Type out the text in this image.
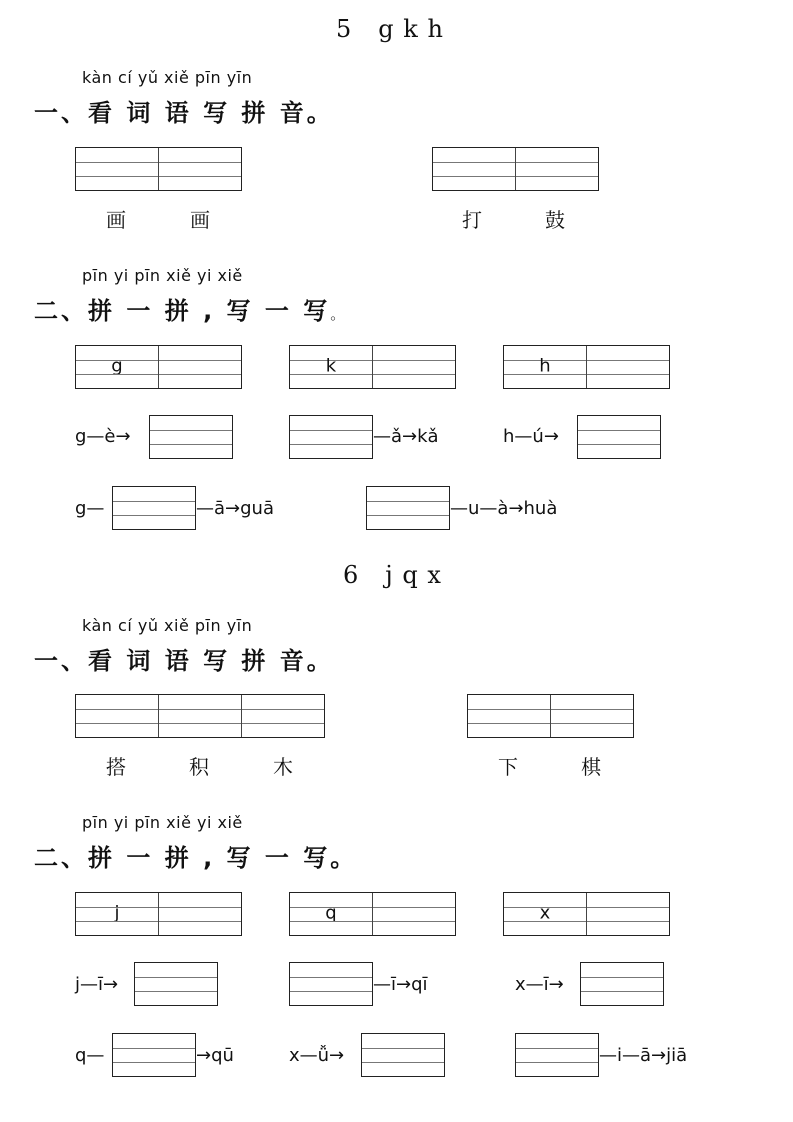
5 g k h
kàn cí yǔ xiě pīn yīn
一、看 词 语 写 拼 音。
画	画	打	鼓
pīn yi pīn xiě yi xiě
二、拼 一 拼 , 写 一 写。
g	k	h
g—è→	—ǎ→kǎ	h—ú→
g—	—ā→guā	—u—à→huà
6 j q x
kàn cí yǔ xiě pīn yīn
一、看 词 语 写 拼 音。
搭	积	木	下	棋
pīn yi pīn xiě yi xiě
二、拼 一 拼 , 写 一 写。
j	q	x
j—ī→	—ī→qī	x—ī→
q—	→qū	x—ǚ→	—i—ā→jiā
